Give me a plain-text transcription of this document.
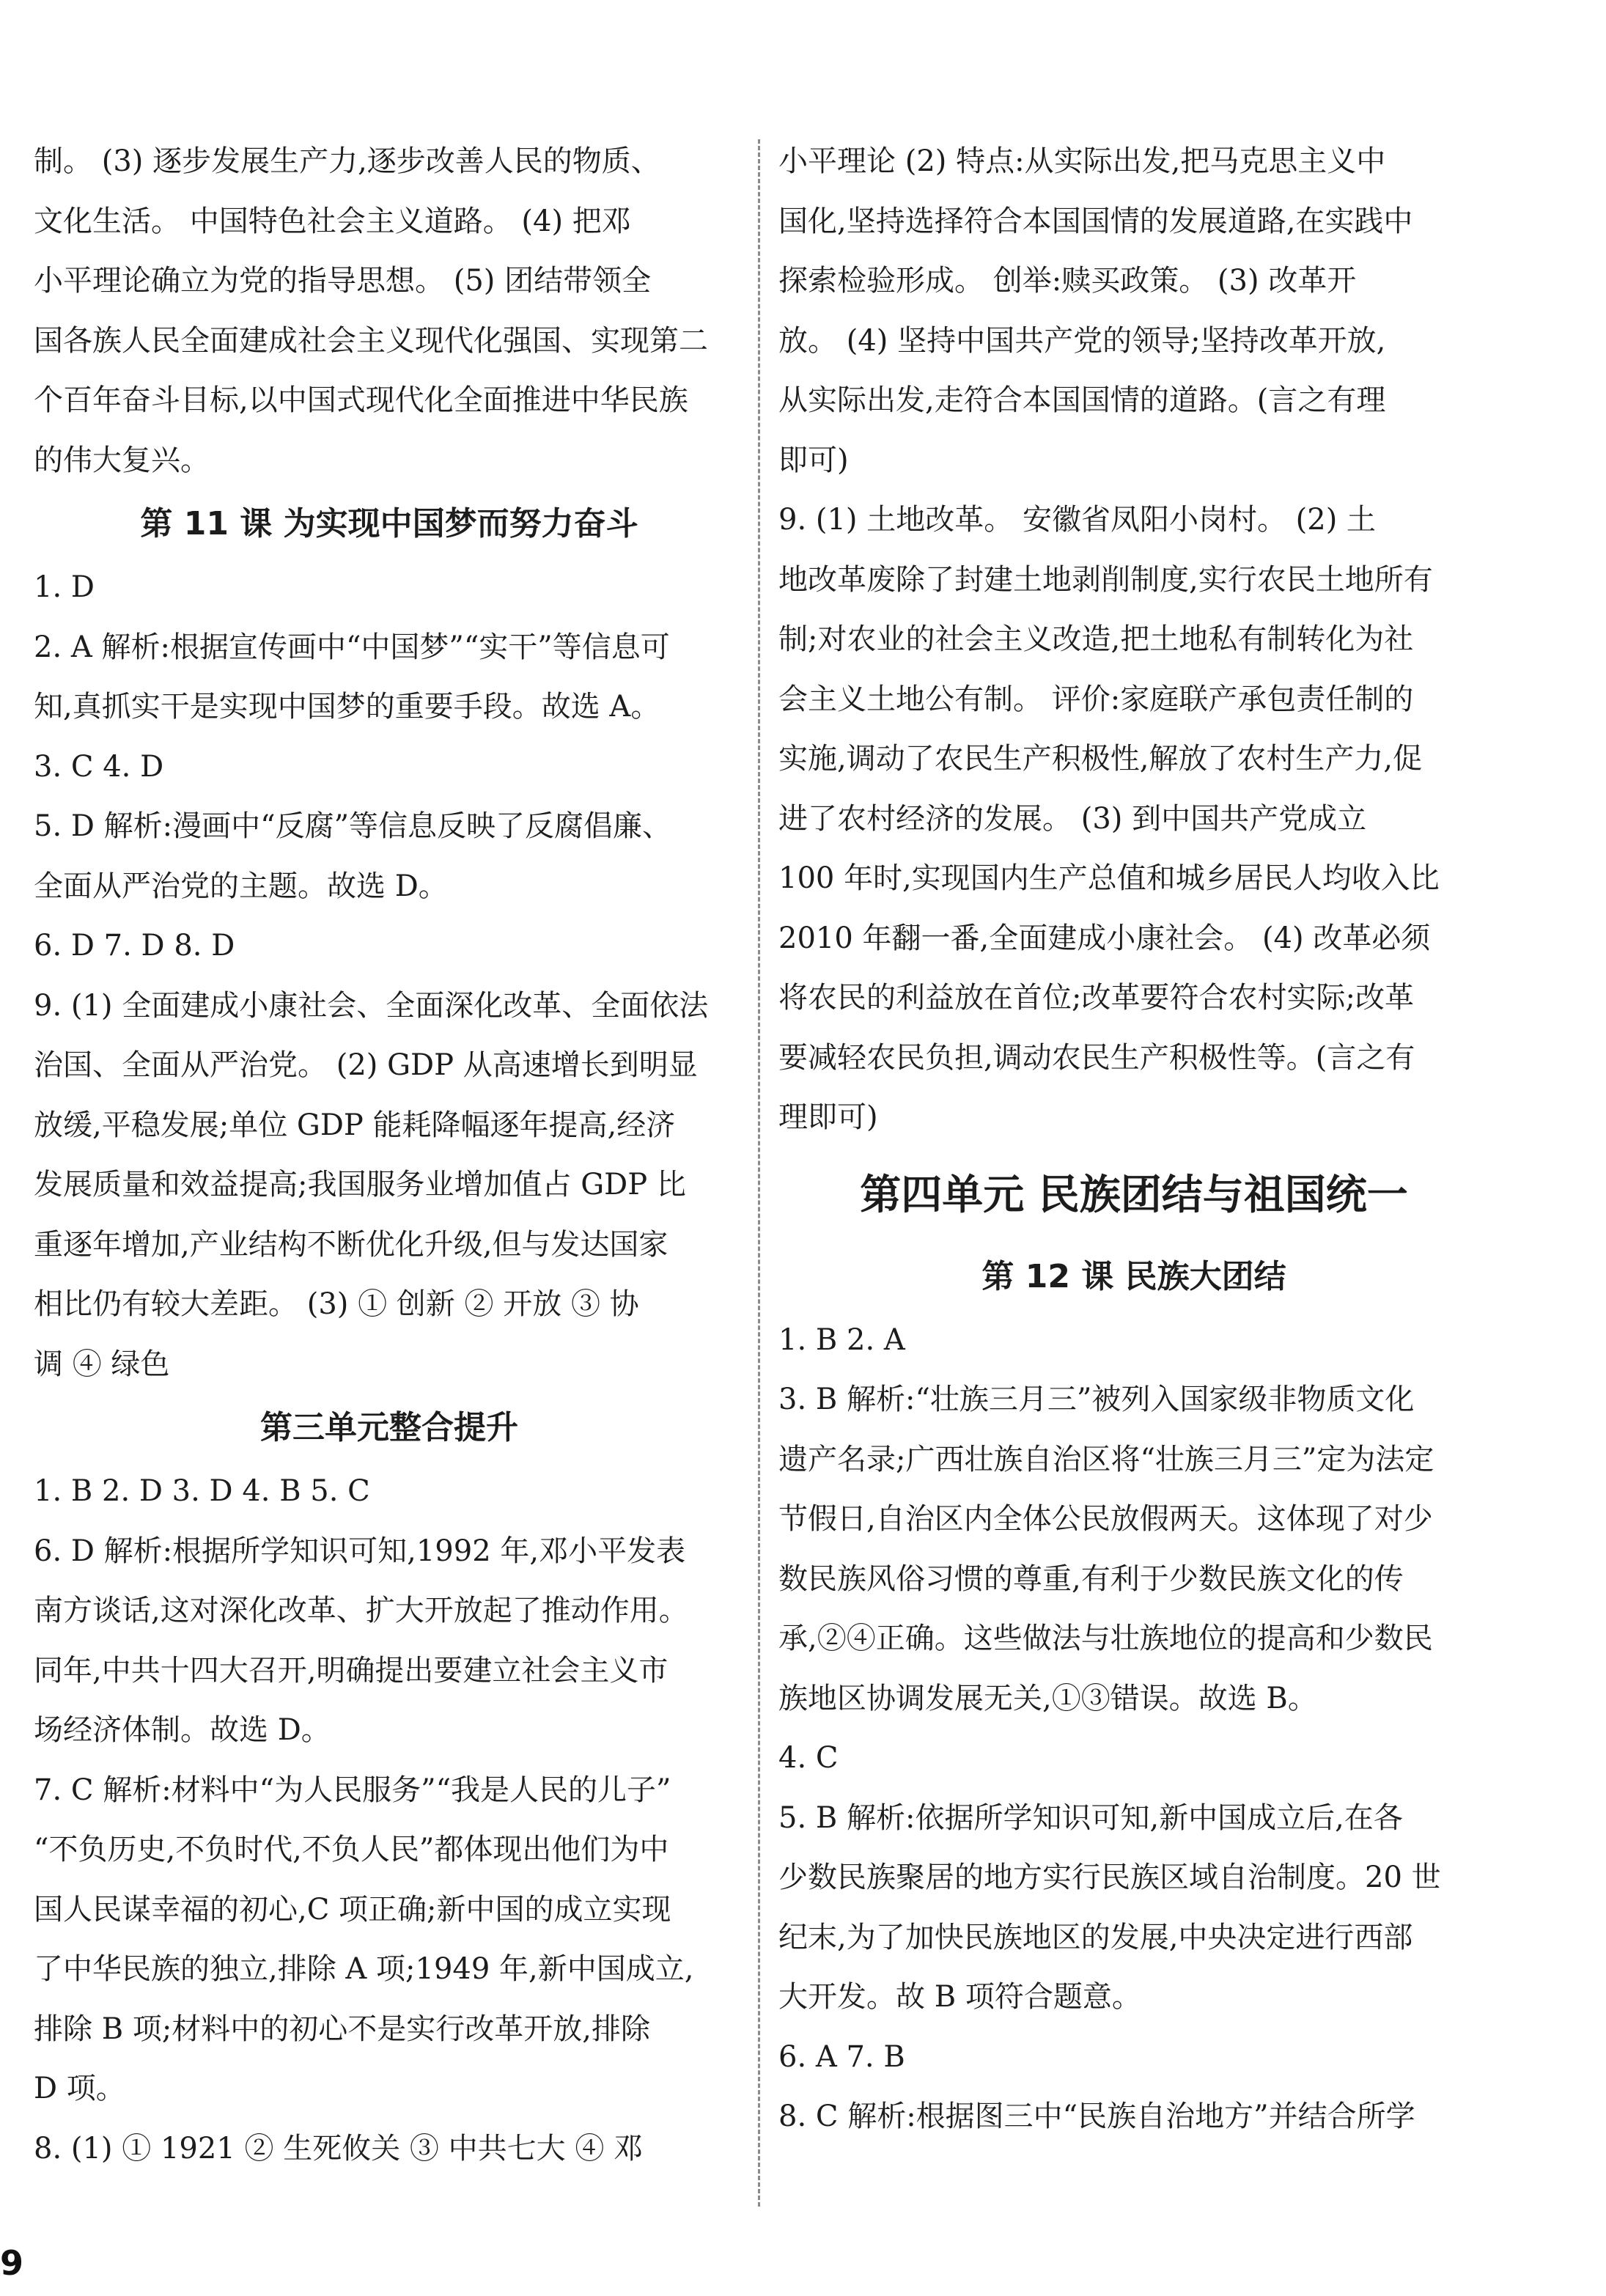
制。 (3) 逐步发展生产力,逐步改善人民的物质、
文化生活。 中国特色社会主义道路。 (4) 把邓
小平理论确立为党的指导思想。 (5) 团结带领全
国各族人民全面建成社会主义现代化强国、实现第二
个百年奋斗目标,以中国式现代化全面推进中华民族
的伟大复兴。
第 11 课 为实现中国梦而努力奋斗
1. D
2. A 解析:根据宣传画中“中国梦”“实干”等信息可
知,真抓实干是实现中国梦的重要手段。故选 A。
3. C 4. D
5. D 解析:漫画中“反腐”等信息反映了反腐倡廉、
全面从严治党的主题。故选 D。
6. D 7. D 8. D
9. (1) 全面建成小康社会、全面深化改革、全面依法
治国、全面从严治党。 (2) GDP 从高速增长到明显
放缓,平稳发展;单位 GDP 能耗降幅逐年提高,经济
发展质量和效益提高;我国服务业增加值占 GDP 比
重逐年增加,产业结构不断优化升级,但与发达国家
相比仍有较大差距。 (3) ① 创新 ② 开放 ③ 协
调 ④ 绿色
第三单元整合提升
1. B 2. D 3. D 4. B 5. C
6. D 解析:根据所学知识可知,1992 年,邓小平发表
南方谈话,这对深化改革、扩大开放起了推动作用。
同年,中共十四大召开,明确提出要建立社会主义市
场经济体制。故选 D。
7. C 解析:材料中“为人民服务”“我是人民的儿子”
“不负历史,不负时代,不负人民”都体现出他们为中
国人民谋幸福的初心,C 项正确;新中国的成立实现
了中华民族的独立,排除 A 项;1949 年,新中国成立,
排除 B 项;材料中的初心不是实行改革开放,排除
D 项。
8. (1) ① 1921 ② 生死攸关 ③ 中共七大 ④ 邓
小平理论 (2) 特点:从实际出发,把马克思主义中
国化,坚持选择符合本国国情的发展道路,在实践中
探索检验形成。 创举:赎买政策。 (3) 改革开
放。 (4) 坚持中国共产党的领导;坚持改革开放,
从实际出发,走符合本国国情的道路。(言之有理
即可)
9. (1) 土地改革。 安徽省凤阳小岗村。 (2) 土
地改革废除了封建土地剥削制度,实行农民土地所有
制;对农业的社会主义改造,把土地私有制转化为社
会主义土地公有制。 评价:家庭联产承包责任制的
实施,调动了农民生产积极性,解放了农村生产力,促
进了农村经济的发展。 (3) 到中国共产党成立
100 年时,实现国内生产总值和城乡居民人均收入比
2010 年翻一番,全面建成小康社会。 (4) 改革必须
将农民的利益放在首位;改革要符合农村实际;改革
要减轻农民负担,调动农民生产积极性等。(言之有
理即可)
第四单元 民族团结与祖国统一
第 12 课 民族大团结
1. B 2. A
3. B 解析:“壮族三月三”被列入国家级非物质文化
遗产名录;广西壮族自治区将“壮族三月三”定为法定
节假日,自治区内全体公民放假两天。这体现了对少
数民族风俗习惯的尊重,有利于少数民族文化的传
承,②④正确。这些做法与壮族地位的提高和少数民
族地区协调发展无关,①③错误。故选 B。
4. C
5. B 解析:依据所学知识可知,新中国成立后,在各
少数民族聚居的地方实行民族区域自治制度。20 世
纪末,为了加快民族地区的发展,中央决定进行西部
大开发。故 B 项符合题意。
6. A 7. B
8. C 解析:根据图三中“民族自治地方”并结合所学
9
